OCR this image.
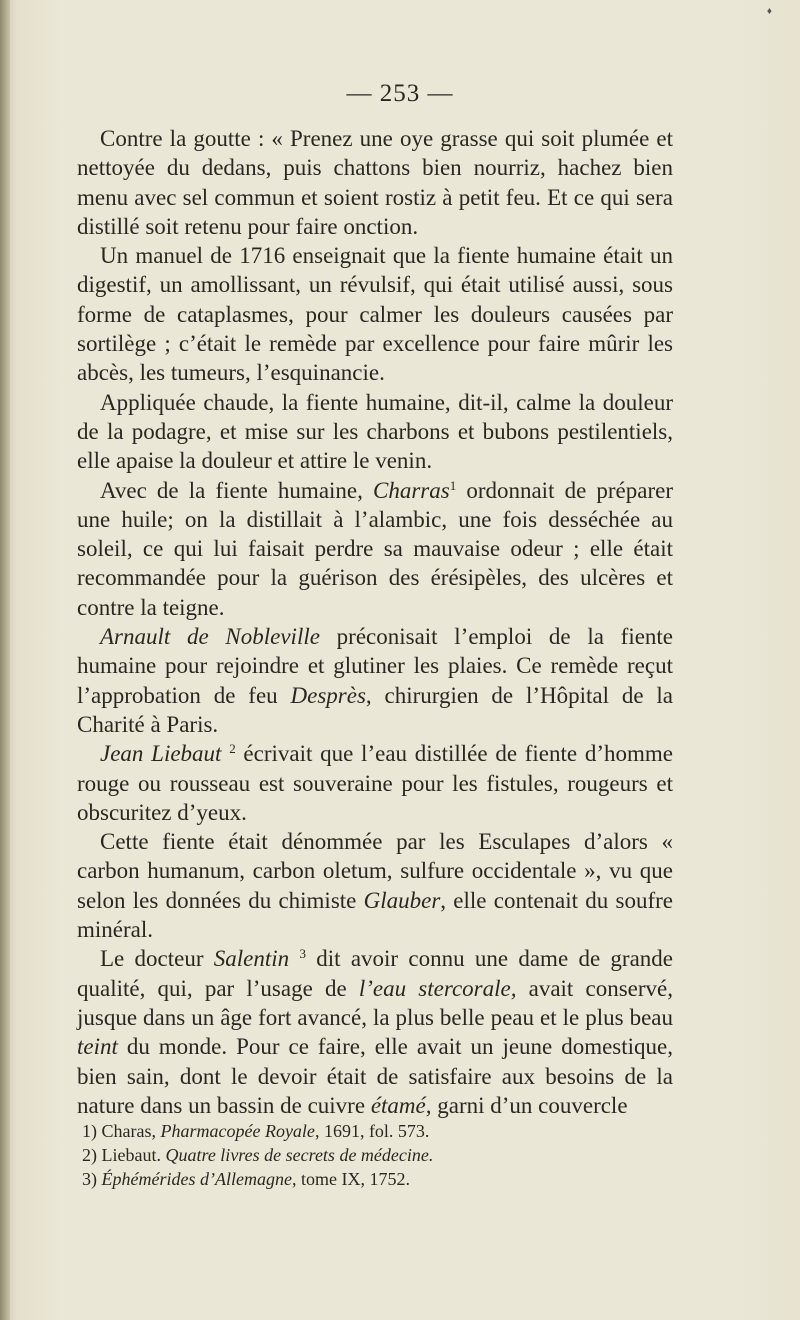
♦
— 253 —

Contre la goutte : « Prenez une oye grasse qui soit plumée et nettoyée du dedans, puis chattons bien nourriz, hachez bien menu avec sel commun et soient rostiz à petit feu. Et ce qui sera distillé soit retenu pour faire onction.

Un manuel de 1716 enseignait que la fiente humaine était un digestif, un amollissant, un révulsif, qui était utilisé aussi, sous forme de cataplasmes, pour calmer les douleurs causées par sortilège ; c’était le remède par excellence pour faire mûrir les abcès, les tumeurs, l’esquinancie.

Appliquée chaude, la fiente humaine, dit-il, calme la douleur de la podagre, et mise sur les charbons et bubons pestilentiels, elle apaise la douleur et attire le venin.

Avec de la fiente humaine, Charras$^1$ ordonnait de préparer une huile; on la distillait à l’alambic, une fois desséchée au soleil, ce qui lui faisait perdre sa mauvaise odeur ; elle était recommandée pour la guérison des érésipèles, des ulcères et contre la teigne.

Arnault de Nobleville préconisait l’emploi de la fiente humaine pour rejoindre et glutiner les plaies. Ce remède reçut l’approbation de feu Desprès, chirurgien de l’Hôpital de la Charité à Paris.

Jean Liebaut $^2$ écrivait que l’eau distillée de fiente d’homme rouge ou rousseau est souveraine pour les fistules, rougeurs et obscuritez d’yeux.

Cette fiente était dénommée par les Esculapes d’alors « carbon humanum, carbon oletum, sulfure occidentale », vu que selon les données du chimiste Glauber, elle contenait du soufre minéral.

Le docteur Salentin $^3$ dit avoir connu une dame de grande qualité, qui, par l’usage de l’eau stercorale, avait conservé, jusque dans un âge fort avancé, la plus belle peau et le plus beau teint du monde. Pour ce faire, elle avait un jeune domestique, bien sain, dont le devoir était de satisfaire aux besoins de la nature dans un bassin de cuivre étamé, garni d’un couvercle

1) Charas, Pharmacopée Royale, 1691, fol. 573.
2) Liebaut. Quatre livres de secrets de médecine.
3) Éphémérides d’Allemagne, tome IX, 1752.
